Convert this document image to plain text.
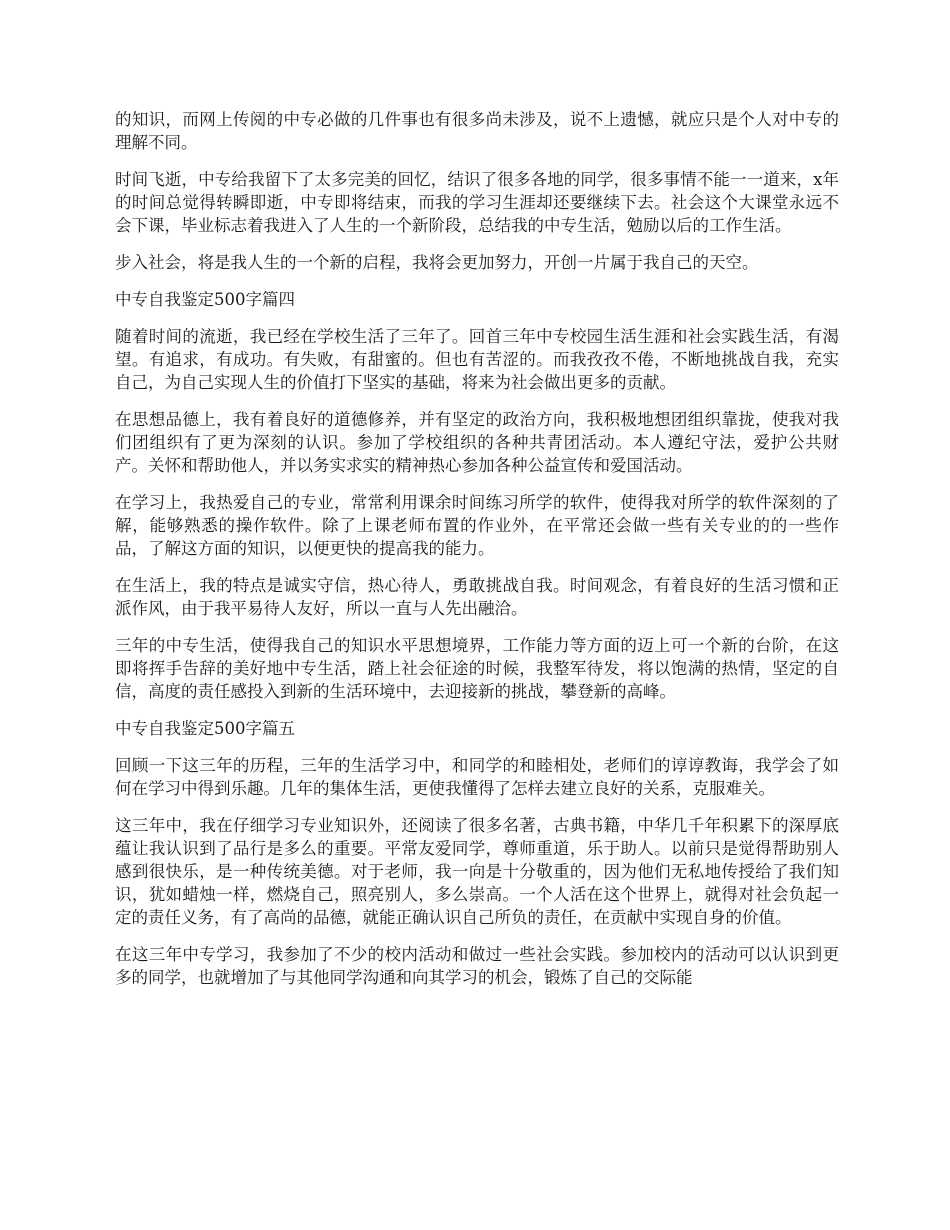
的知识，而网上传阅的中专必做的几件事也有很多尚未涉及，说不上遗憾，就应只是个人对中专的理解不同。

时间飞逝，中专给我留下了太多完美的回忆，结识了很多各地的同学，很多事情不能一一道来，x年的时间总觉得转瞬即逝，中专即将结束，而我的学习生涯却还要继续下去。社会这个大课堂永远不会下课，毕业标志着我进入了人生的一个新阶段，总结我的中专生活，勉励以后的工作生活。

步入社会，将是我人生的一个新的启程，我将会更加努力，开创一片属于我自己的天空。

中专自我鉴定500字篇四

随着时间的流逝，我已经在学校生活了三年了。回首三年中专校园生活生涯和社会实践生活，有渴望。有追求，有成功。有失败，有甜蜜的。但也有苦涩的。而我孜孜不倦，不断地挑战自我，充实自己，为自己实现人生的价值打下坚实的基础，将来为社会做出更多的贡献。

在思想品德上，我有着良好的道德修养，并有坚定的政治方向，我积极地想团组织靠拢，使我对我们团组织有了更为深刻的认识。参加了学校组织的各种共青团活动。本人遵纪守法，爱护公共财产。关怀和帮助他人，并以务实求实的精神热心参加各种公益宣传和爱国活动。

在学习上，我热爱自己的专业，常常利用课余时间练习所学的软件，使得我对所学的软件深刻的了解，能够熟悉的操作软件。除了上课老师布置的作业外，在平常还会做一些有关专业的的一些作品，了解这方面的知识，以便更快的提高我的能力。

在生活上，我的特点是诚实守信，热心待人，勇敢挑战自我。时间观念，有着良好的生活习惯和正派作风，由于我平易待人友好，所以一直与人先出融洽。

三年的中专生活，使得我自己的知识水平思想境界，工作能力等方面的迈上可一个新的台阶，在这即将挥手告辞的美好地中专生活，踏上社会征途的时候，我整军待发，将以饱满的热情，坚定的自信，高度的责任感投入到新的生活环境中，去迎接新的挑战，攀登新的高峰。

中专自我鉴定500字篇五

回顾一下这三年的历程，三年的生活学习中，和同学的和睦相处，老师们的谆谆教诲，我学会了如何在学习中得到乐趣。几年的集体生活，更使我懂得了怎样去建立良好的关系，克服难关。

这三年中，我在仔细学习专业知识外，还阅读了很多名著，古典书籍，中华几千年积累下的深厚底蕴让我认识到了品行是多么的重要。平常友爱同学，尊师重道，乐于助人。以前只是觉得帮助别人感到很快乐，是一种传统美德。对于老师，我一向是十分敬重的，因为他们无私地传授给了我们知识，犹如蜡烛一样，燃烧自己，照亮别人，多么崇高。一个人活在这个世界上，就得对社会负起一定的责任义务，有了高尚的品德，就能正确认识自己所负的责任，在贡献中实现自身的价值。

在这三年中专学习，我参加了不少的校内活动和做过一些社会实践。参加校内的活动可以认识到更多的同学，也就增加了与其他同学沟通和向其学习的机会，锻炼了自己的交际能
